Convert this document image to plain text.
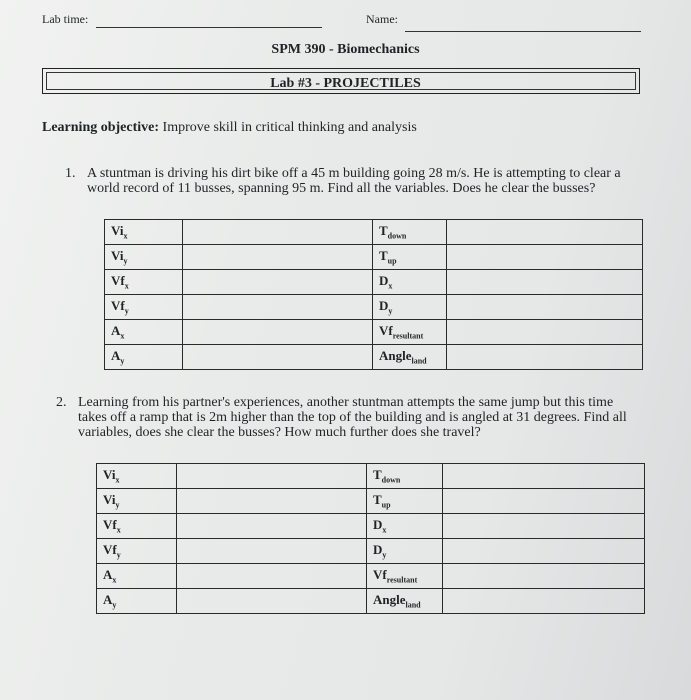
Lab time:	Name:
SPM 390 - Biomechanics
Lab #3 - PROJECTILES
Learning objective: Improve skill in critical thinking and analysis
1. A stuntman is driving his dirt bike off a 45 m building going 28 m/s. He is attempting to clear a world record of 11 busses, spanning 95 m. Find all the variables. Does he clear the busses?
$Vi_x$		$T_{down}$	
$Vi_y$		$T_{up}$	
$Vf_x$		$D_x$	
$Vf_y$		$D_y$	
$A_x$		$Vf_{resultant}$	
$A_y$		Angle$_{land}$	
2. Learning from his partner's experiences, another stuntman attempts the same jump but this time takes off a ramp that is 2m higher than the top of the building and is angled at 31 degrees. Find all variables, does she clear the busses? How much further does she travel?
$Vi_x$		$T_{down}$	
$Vi_y$		$T_{up}$	
$Vf_x$		$D_x$	
$Vf_y$		$D_y$	
$A_x$		$Vf_{resultant}$	
$A_y$		Angle$_{land}$	
